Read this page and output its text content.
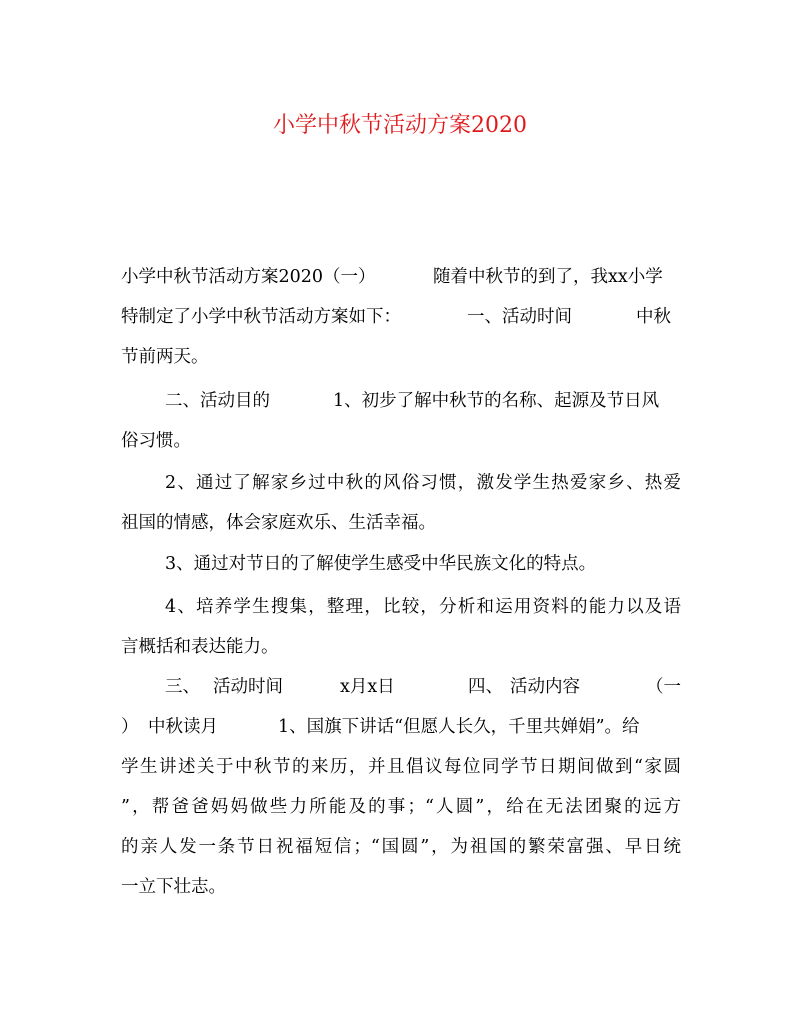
小学中秋节活动方案2020
小学中秋节活动方案2020（一）	随着中秋节的到了，我xx小学
特制定了小学中秋节活动方案如下：	一、活动时间	中秋
节前两天。
二、活动目的	1、初步了解中秋节的名称、起源及节日风
俗习惯。
2、通过了解家乡过中秋的风俗习惯，激发学生热爱家乡、热爱
祖国的情感，体会家庭欢乐、生活幸福。
3、通过对节日的了解使学生感受中华民族文化的特点。
4、培养学生搜集，整理，比较，分析和运用资料的能力以及语
言概括和表达能力。
三、 活动时间	x月x日	四、 活动内容	（一
） 中秋读月	1、国旗下讲话“但愿人长久，千里共婵娟”。给
学生讲述关于中秋节的来历，并且倡议每位同学节日期间做到“家圆
”，帮爸爸妈妈做些力所能及的事；“人圆”，给在无法团聚的远方
的亲人发一条节日祝福短信；“国圆”，为祖国的繁荣富强、早日统
一立下壮志。
